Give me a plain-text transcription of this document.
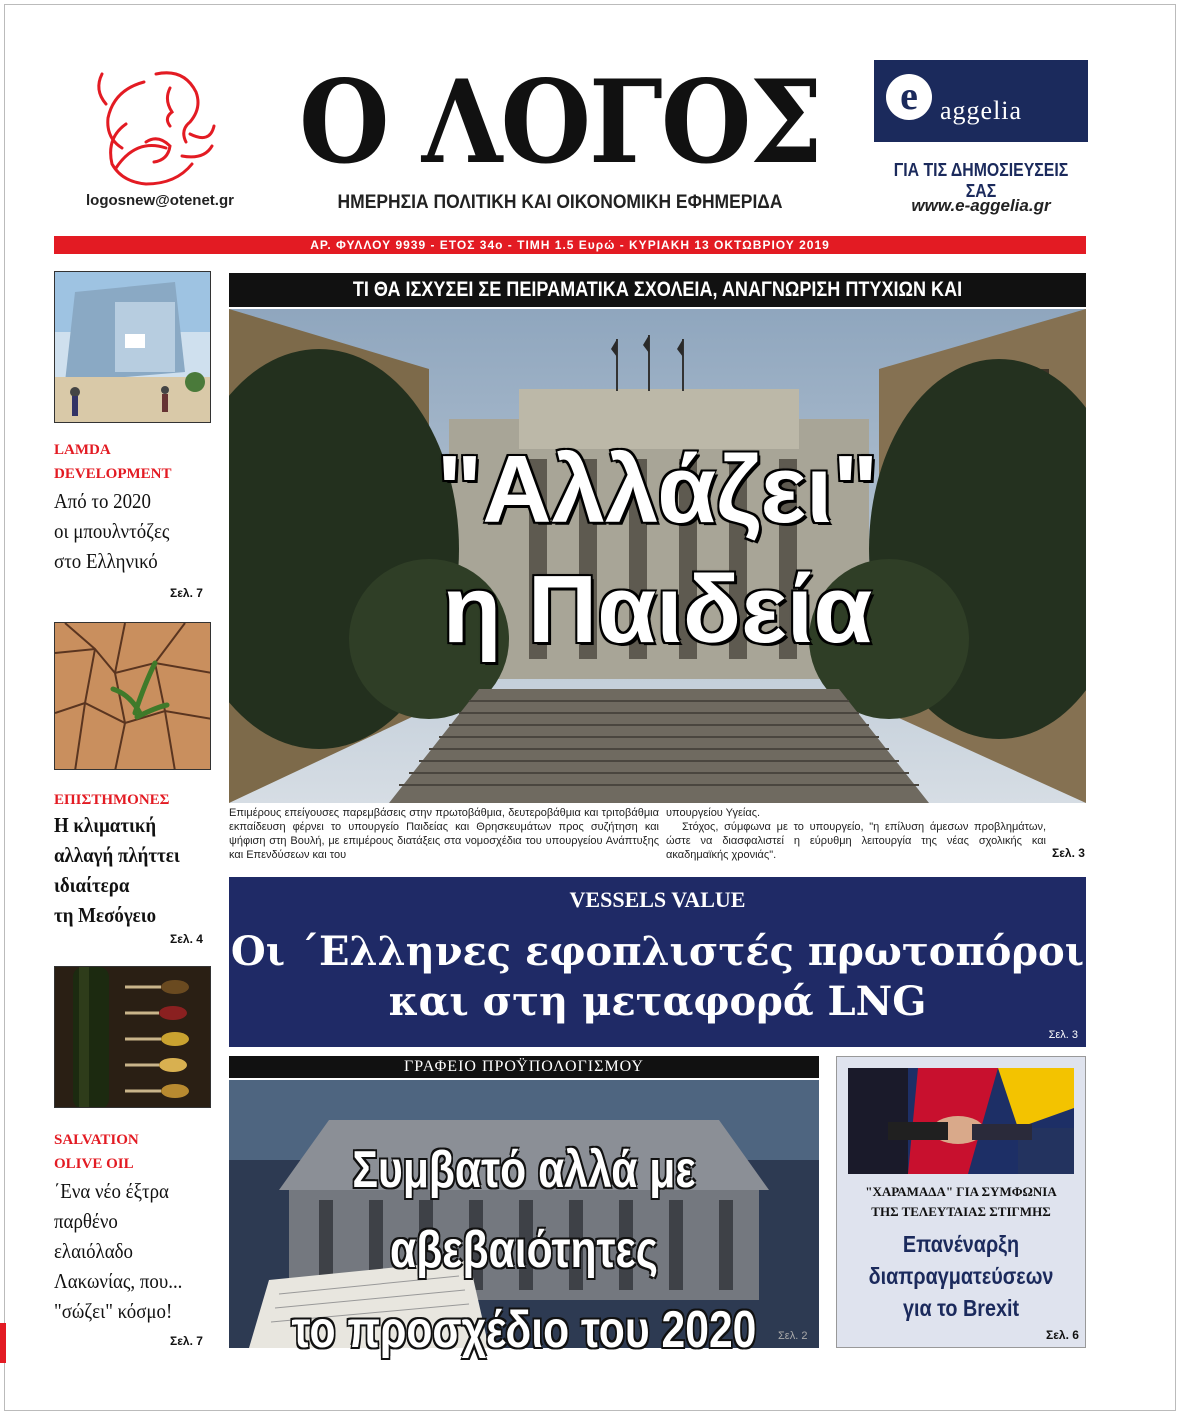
logosnew@otenet.gr
Ο ΛΟΓΟΣ
ΗΜΕΡΗΣΙΑ ΠΟΛΙΤΙΚΗ ΚΑΙ ΟΙΚΟΝΟΜΙΚΗ ΕΦΗΜΕΡΙΔΑ
e aggelia
ΓΙΑ ΤΙΣ ΔΗΜΟΣΙΕΥΣΕΙΣ ΣΑΣ
www.e-aggelia.gr
ΑΡ. ΦΥΛΛΟΥ 9939 - ΕΤΟΣ 34ο - ΤΙΜΗ 1.5 Ευρώ - ΚΥΡΙΑΚΗ 13 ΟΚΤΩΒΡΙΟΥ 2019
LAMDA
DEVELOPMENT
Από το 2020
οι μπουλντόζες
στο Ελληνικό
Σελ. 7
ΕΠΙΣΤΗΜΟΝΕΣ
Η κλιματική
αλλαγή πλήττει
ιδιαίτερα
τη Μεσόγειο
Σελ. 4
SALVATION
OLIVE OIL
΄Ενα νέο έξτρα
παρθένο
ελαιόλαδο
Λακωνίας, που...
"σώζει" κόσμο!
Σελ. 7
ΤΙ ΘΑ ΙΣΧΥΣΕΙ ΣΕ ΠΕΙΡΑΜΑΤΙΚΑ ΣΧΟΛΕΙΑ, ΑΝΑΓΝΩΡΙΣΗ ΠΤΥΧΙΩΝ ΚΑΙ
"Αλλάζει"
η Παιδεία
Επιμέρους επείγουσες παρεμβάσεις στην πρωτοβάθμια, δευτεροβάθμια και τριτοβάθμια εκπαίδευση φέρνει το υπουργείο Παιδείας και Θρησκευμάτων προς συζήτηση και ψήφιση στη Βουλή, με επιμέρους διατάξεις στα νομοσχέδια του υπουργείου Ανάπτυξης και Επενδύσεων και του
υπουργείου Υγείας.
Στόχος, σύμφωνα με το υπουργείο, "η επίλυση άμεσων προβλημάτων, ώστε να διασφαλιστεί η εύρυθμη λειτουργία της νέας σχολικής και ακαδημαϊκής χρονιάς".	Σελ. 3
VESSELS VALUE
Οι ΄Ελληνες εφοπλιστές πρωτοπόροι
και στη μεταφορά LNG
Σελ. 3
ΓΡΑΦΕΙΟ ΠΡΟΫΠΟΛΟΓΙΣΜΟΥ
Συμβατό αλλά με αβεβαιότητες
το προσχέδιο του 2020	Σελ. 2
"ΧΑΡΑΜΑΔΑ" ΓΙΑ ΣΥΜΦΩΝΙΑ
ΤΗΣ ΤΕΛΕΥΤΑΙΑΣ ΣΤΙΓΜΗΣ
Επανέναρξη
διαπραγματεύσεων
για το Brexit
Σελ. 6
